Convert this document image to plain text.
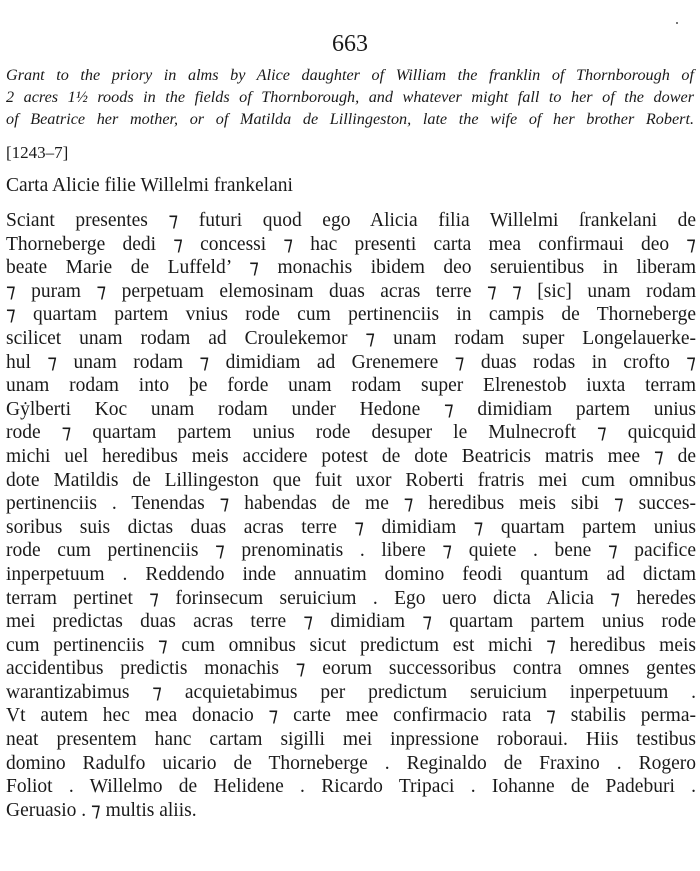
663
Grant to the priory in alms by Alice daughter of William the franklin of Thornborough of
2 acres 1½ roods in the fields of Thornborough, and whatever might fall to her of the dower
of Beatrice her mother, or of Matilda de Lillingeston, late the wife of her brother Robert.
[1243–7]
Carta Alicie filie Willelmi frankelani
Sciant presentes ⁊ futuri quod ego Alicia filia Willelmi ſrankelani de
Thorneberge dedi ⁊ concessi ⁊ hac presenti carta mea confirmaui deo ⁊
beate Marie de Luffeld’ ⁊ monachis ibidem deo seruientibus in liberam
⁊ puram ⁊ perpetuam elemosinam duas acras terre ⁊ ⁊ [sic] unam rodam
⁊ quartam partem vnius rode cum pertinenciis in campis de Thorneberge
scilicet unam rodam ad Croulekemor ⁊ unam rodam super Longelauerke-
hul ⁊ unam rodam ⁊ dimidiam ad Grenemere ⁊ duas rodas in crofto ⁊
unam rodam into þe forde unam rodam super Elrenestob iuxta terram
Gẏlberti Koc unam rodam under Hedone ⁊ dimidiam partem unius
rode ⁊ quartam partem unius rode desuper le Mulnecroft ⁊ quicquid
michi uel heredibus meis accidere potest de dote Beatricis matris mee ⁊ de
dote Matildis de Lillingeston que fuit uxor Roberti fratris mei cum omnibus
pertinenciis . Tenendas ⁊ habendas de me ⁊ heredibus meis sibi ⁊ succes-
soribus suis dictas duas acras terre ⁊ dimidiam ⁊ quartam partem unius
rode cum pertinenciis ⁊ prenominatis . libere ⁊ quiete . bene ⁊ pacifice
inperpetuum . Reddendo inde annuatim domino feodi quantum ad dictam
terram pertinet ⁊ forinsecum seruicium . Ego uero dicta Alicia ⁊ heredes
mei predictas duas acras terre ⁊ dimidiam ⁊ quartam partem unius rode
cum pertinenciis ⁊ cum omnibus sicut predictum est michi ⁊ heredibus meis
accidentibus predictis monachis ⁊ eorum successoribus contra omnes gentes
warantizabimus ⁊ acquietabimus per predictum seruicium inperpetuum .
Vt autem hec mea donacio ⁊ carte mee confirmacio rata ⁊ stabilis perma-
neat presentem hanc cartam sigilli mei inpressione roboraui. Hiis testibus
domino Radulfo uicario de Thorneberge . Reginaldo de Fraxino . Rogero
Foliot . Willelmo de Helidene . Ricardo Tripaci . Iohanne de Padeburi .
Geruasio . ⁊ multis aliis.
